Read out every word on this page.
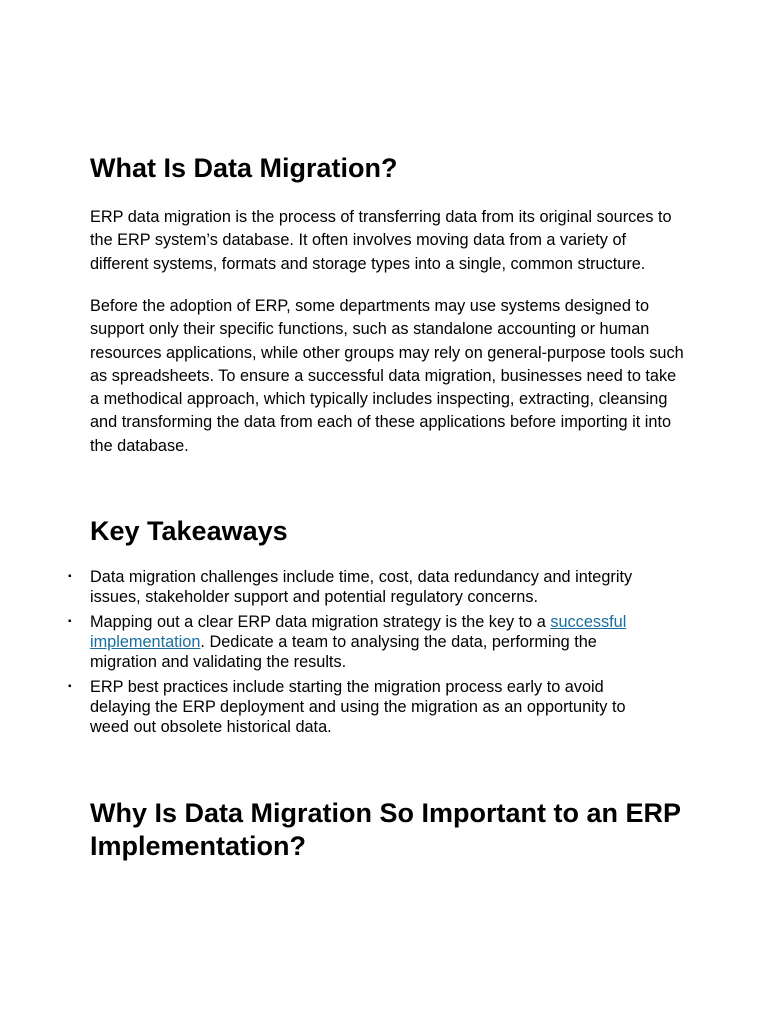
What Is Data Migration?

ERP data migration is the process of transferring data from its original sources to the ERP system’s database. It often involves moving data from a variety of different systems, formats and storage types into a single, common structure.

Before the adoption of ERP, some departments may use systems designed to support only their specific functions, such as standalone accounting or human resources applications, while other groups may rely on general-purpose tools such as spreadsheets. To ensure a successful data migration, businesses need to take a methodical approach, which typically includes inspecting, extracting, cleansing and transforming the data from each of these applications before importing it into the database.

Key Takeaways
▪ Data migration challenges include time, cost, data redundancy and integrity issues, stakeholder support and potential regulatory concerns.
▪ Mapping out a clear ERP data migration strategy is the key to a successful implementation. Dedicate a team to analysing the data, performing the migration and validating the results.
▪ ERP best practices include starting the migration process early to avoid delaying the ERP deployment and using the migration as an opportunity to weed out obsolete historical data.
Why Is Data Migration So Important to an ERP Implementation?
